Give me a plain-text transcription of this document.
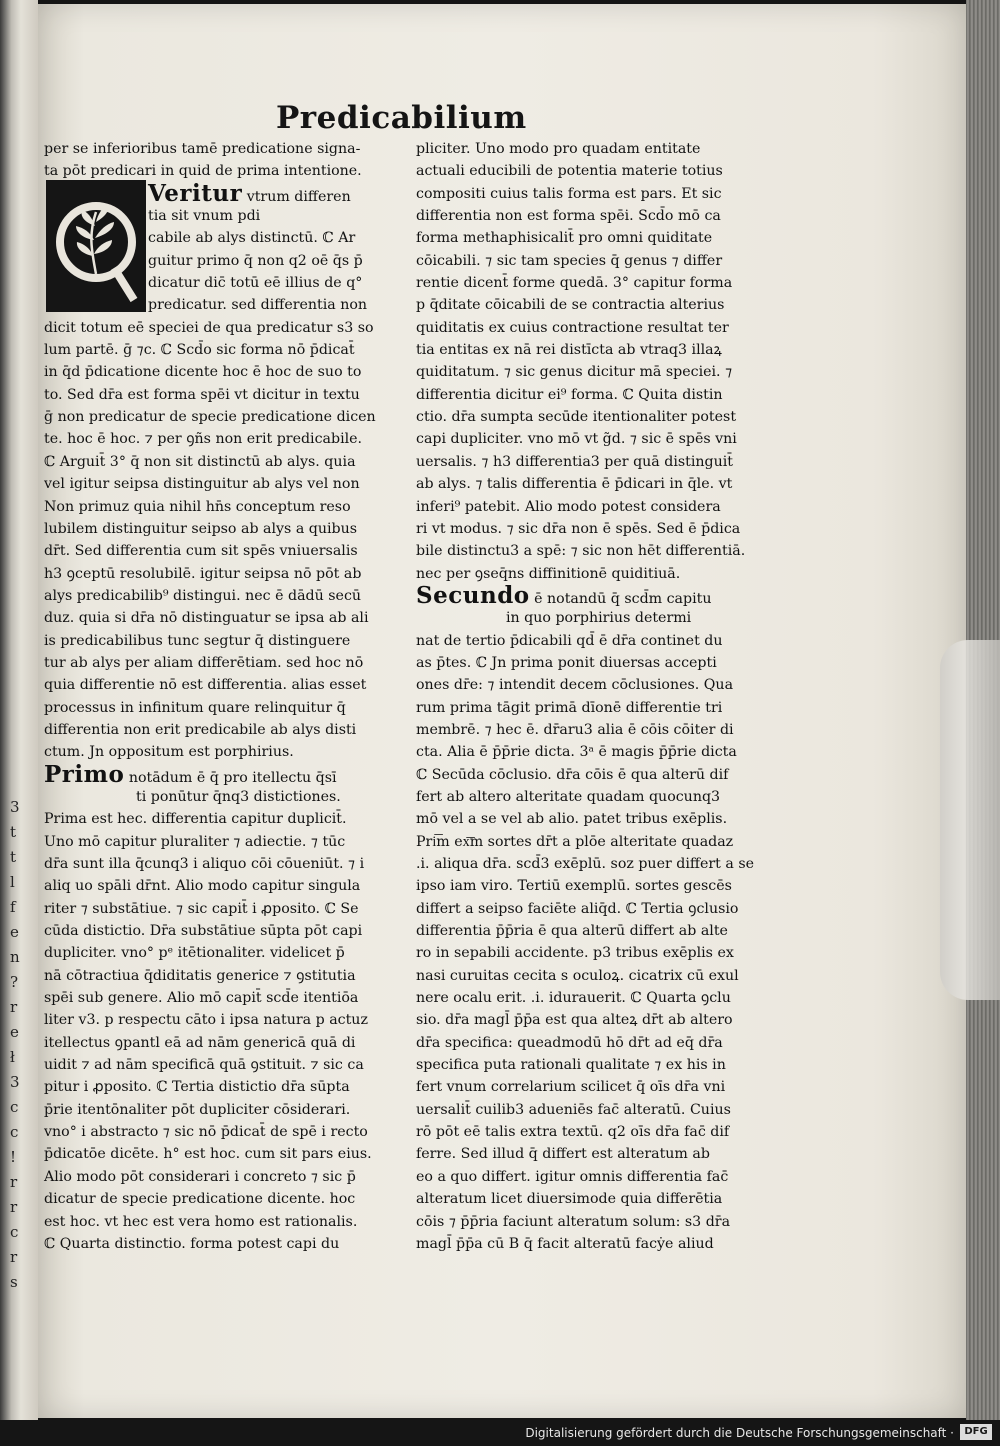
3
t
t
l
f
e
n
?
r
e
ł
3
c
c
!
r
r
c
r
s
Predicabilium
per se inferioribus tamē predicatione signa-
ta pōt predicari in quid de prima intentione.
Veritur vtrum differen
tia sit vnum pdi
cabile ab alys distinctū. ℂ Ar
guitur primo q̄ non q2 oē q̄s p̄
dicatur dic̄ totū eē illius de q°
predicatur. sed differentia non
dicit totum eē speciei de qua predicatur s3 so
lum partē. ḡ ⁊c. ℂ Scd̄o sic forma nō p̄dicat̄
in q̄d p̄dicatione dicente hoc ē hoc de suo to
to. Sed dr̄a est forma spēi vt dicitur in textu
ḡ non predicatur de specie predicatione dicen
te. hoc ē hoc. ⁊ per ꝯñs non erit predicabile.
ℂ Arguit̄ 3° q̄ non sit distinctū ab alys. quia
vel igitur seipsa distinguitur ab alys vel non
Non primuz quia nihil hn̄s conceptum reso
lubilem distinguitur seipso ab alys a quibus
dr̄t. Sed differentia cum sit spēs vniuersalis
h3 ꝯceptū resolubilē. igitur seipsa nō pōt ab
alys predicabilib⁹ distingui. nec ē dādū secū
duz. quia si dr̄a nō distinguatur se ipsa ab ali
is predicabilibus tunc segtur q̄ distinguere
tur ab alys per aliam differētiam. sed hoc nō
quia differentie nō est differentia. alias esset
processus in infinitum quare relinquitur q̄
differentia non erit predicabile ab alys disti
ctum. Jn oppositum est porphirius.
Primo notādum ē q̄ pro itellectu q̄sī
ti ponūtur q̄nq3 distictiones.
Prima est hec. differentia capitur duplicit̄.
Uno mō capitur pluraliter ⁊ adiectie. ⁊ tūc
dr̄a sunt illa q̄cunq3 i aliquo cōi cōueniūt. ⁊ i
aliq uo spāli dr̄nt. Alio modo capitur singula
riter ⁊ substātiue. ⁊ sic capit̄ i ꝓposito. ℂ Se
cūda distictio. Dr̄a substātiue sūpta pōt capi
dupliciter. vno° pᵉ itētionaliter. videlicet p̄
nā cōtractiua q̄diditatis generice ⁊ ꝯstitutia
spēi sub genere. Alio mō capit̄ scd̄e itentiōa
liter v3. p respectu cāto i ipsa natura p actuz
itellectus ꝯpantl eā ad nām genericā quā di
uidit ⁊ ad nām specificā quā ꝯstituit. ⁊ sic ca
pitur i ꝓposito. ℂ Tertia distictio dr̄a sūpta
p̄rie itentōnaliter pōt dupliciter cōsiderari.
vno° i abstracto ⁊ sic nō p̄dicat̄ de spē i recto
p̄dicatōe dicēte. h° est hoc. cum sit pars eius.
Alio modo pōt considerari i concreto ⁊ sic p̄
dicatur de specie predicatione dicente. hoc
est hoc. vt hec est vera homo est rationalis.
ℂ Quarta distinctio. forma potest capi du
pliciter. Uno modo pro quadam entitate
actuali educibili de potentia materie totius
compositi cuius talis forma est pars. Et sic
differentia non est forma spēi. Scd̄o mō ca
forma methaphisicalit̄ pro omni quiditate
cōicabili. ⁊ sic tam species q̄ genus ⁊ differ
rentie dicent̄ forme quedā. 3° capitur forma
p q̄ditate cōicabili de se contractia alterius
quiditatis ex cuius contractione resultat ter
tia entitas ex nā rei distīcta ab vtraq3 illaꝝ
quiditatum. ⁊ sic genus dicitur mā speciei. ⁊
differentia dicitur ei⁹ forma. ℂ Quita distin
ctio. dr̄a sumpta secūde itentionaliter potest
capi dupliciter. vno mō vt g̃d. ⁊ sic ē spēs vni
uersalis. ⁊ h3 differentia3 per quā distinguit̄
ab alys. ⁊ talis differentia ē p̄dicari in q̄le. vt
inferi⁹ patebit. Alio modo potest considera
ri vt modus. ⁊ sic dr̄a non ē spēs. Sed ē p̄dica
bile distinctu3 a spē: ⁊ sic non hēt differentiā.
nec per ꝯseq̄ns diffinitionē quiditiuā.
Secundo ē notandū q̄ scd̄m capitu
in quo porphirius determi
nat de tertio p̄dicabili qd̄ ē dr̄a continet du
as p̄tes. ℂ Jn prima ponit diuersas accepti
ones dr̄e: ⁊ intendit decem cōclusiones. Qua
rum prima tāgit primā dīonē differentie tri
membrē. ⁊ hec ē. dr̄aru3 alia ē cōis cōiter di
cta. Alia ē p̄p̄rie dicta. 3ᵃ ē magis p̄p̄rie dicta
ℂ Secūda cōclusio. dr̄a cōis ē qua alterū dif
fert ab altero alteritate quadam quocunq3
mō vel a se vel ab alio. patet tribus exēplis.
Pri͞m ex͞m sortes dr̄t a plōe alteritate quadaz
.i. aliqua dr̄a. scd̄3 exēplū. soz puer differt a se
ipso iam viro. Tertiū exemplū. sortes gescēs
differt a seipso faciēte aliq̄d. ℂ Tertia ꝯclusio
differentia p̄p̄ria ē qua alterū differt ab alte
ro in sepabili accidente. p3 tribus exēplis ex
nasi curuitas cecita s oculoꝝ. cicatrix cū exul
nere ocalu erit. .i. idurauerit. ℂ Quarta ꝯclu
sio. dr̄a magl̄ p̄p̄a est qua alteꝝ dr̄t ab altero
dr̄a specifica: queadmodū hō dr̄t ad eq̄ dr̄a
specifica puta rationali qualitate ⁊ ex his in
fert vnum correlarium scilicet q̄ oīs dr̄a vni
uersalit̄ cuilib3 adueniēs fac̄ alteratū. Cuius
rō pōt eē talis extra textū. q2 oīs dr̄a fac̄ dif
ferre. Sed illud q̄ differt est alteratum ab
eo a quo differt. igitur omnis differentia fac̄
alteratum licet diuersimode quia differētia
cōis ⁊ p̄p̄ria faciunt alteratum solum: s3 dr̄a
magl̄ p̄p̄a cū B q̄ facit alteratū facẏe aliud
Digitalisierung gefördert durch die Deutsche Forschungsgemeinschaft ·	DFG
